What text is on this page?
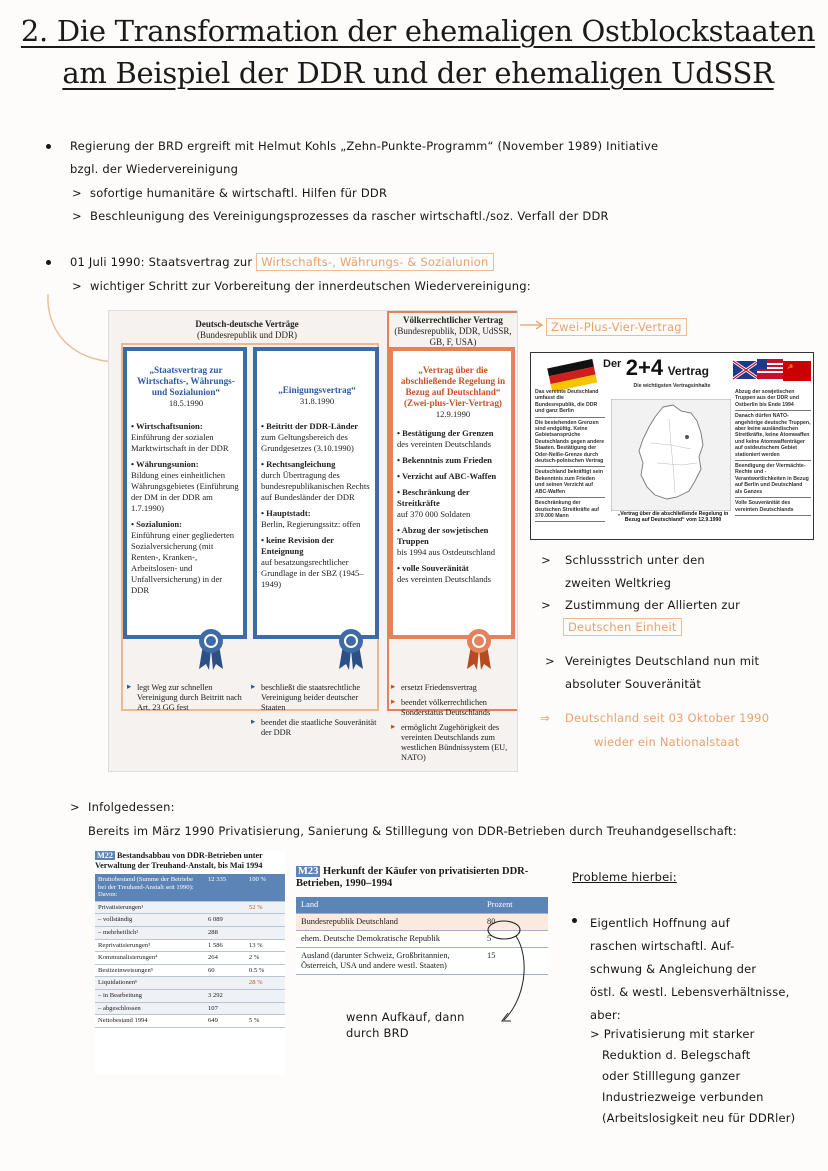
2. Die Transformation der ehemaligen Ostblockstaaten
am Beispiel der DDR und der ehemaligen UdSSR
Regierung der BRD ergreift mit Helmut Kohls „Zehn-Punkte-Programm“ (November 1989) Initiative
bzgl. der Wiedervereinigung
> sofortige humanitäre & wirtschaftl. Hilfen für DDR
> Beschleunigung des Vereinigungsprozesses da rascher wirtschaftl./soz. Verfall der DDR
01 Juli 1990: Staatsvertrag zur Wirtschafts-, Währungs- & Sozialunion
> wichtiger Schritt zur Vorbereitung der innerdeutschen Wiedervereinigung:
Deutsch-deutsche Verträge
(Bundesrepublik und DDR)
Völkerrechtlicher Vertrag
(Bundesrepublik, DDR, UdSSR, GB, F, USA)
„Staatsvertrag zur Wirtschafts-, Währungs- und Sozialunion“
18.5.1990
• Wirtschaftsunion:
Einführung der sozialen Marktwirtschaft in der DDR
• Währungsunion:
Bildung eines einheitlichen Währungsgebietes (Einführung der DM in der DDR am 1.7.1990)
• Sozialunion:
Einführung einer gegliederten Sozialversicherung (mit Renten-, Kranken-, Arbeitslosen- und Unfallversicherung) in der DDR
„Einigungsvertrag“
31.8.1990
• Beitritt der DDR-Länder
zum Geltungsbereich des Grundgesetzes (3.10.1990)
• Rechtsangleichung
durch Übertragung des bundesrepublikanischen Rechts auf Bundesländer der DDR
• Hauptstadt:
Berlin, Regierungssitz: offen
• keine Revision der Enteignung
auf besatzungsrechtlicher Grundlage in der SBZ (1945–1949)
„Vertrag über die abschließende Regelung in Bezug auf Deutschland“ (Zwei-plus-Vier-Vertrag)
12.9.1990
• Bestätigung der Grenzen
des vereinten Deutschlands
• Bekenntnis zum Frieden
• Verzicht auf ABC-Waffen
• Beschränkung der Streitkräfte
auf 370 000 Soldaten
• Abzug der sowjetischen Truppen
bis 1994 aus Ostdeutschland
• volle Souveränität
des vereinten Deutschlands
▸ legt Weg zur schnellen Vereinigung durch Beitritt nach Art. 23 GG fest
▸ beschließt die staatsrechtliche Vereinigung beider deutscher Staaten
▸ beendet die staatliche Souveränität der DDR
▸ ersetzt Friedensvertrag
▸ beendet völkerrechtlichen Sonderstatus Deutschlands
▸ ermöglicht Zugehörigkeit des vereinten Deutschlands zum westlichen Bündnissystem (EU, NATO)
Zwei-Plus-Vier-Vertrag
☭
$^{Der}$ 2+4 Vertrag
Die wichtigsten Vertragsinhalte
Das vereinte Deutschland umfasst die Bundesrepublik, die DDR und ganz Berlin
Die bestehenden Grenzen sind endgültig. Keine Gebietsansprüche Deutschlands gegen andere Staaten. Bestätigung der Oder-Neiße-Grenze durch deutsch-polnischen Vertrag
Deutschland bekräftigt sein Bekenntnis zum Frieden und seinen Verzicht auf ABC-Waffen
Beschränkung der deutschen Streitkräfte auf 370.000 Mann
Abzug der sowjetischen Truppen aus der DDR und Ostberlin bis Ende 1994
Danach dürfen NATO-angehörige deutsche Truppen, aber keine ausländischen Streitkräfte, keine Atomwaffen und keine Atomwaffenträger auf ostdeutschem Gebiet stationiert werden
Beendigung der Viermächte-Rechte und -Verantwortlichkeiten in Bezug auf Berlin und Deutschland als Ganzes
Volle Souveränität des vereinten Deutschlands
„Vertrag über die abschließende Regelung in Bezug auf Deutschland“ vom 12.9.1990
> Schlussstrich unter den
zweiten Weltkrieg
> Zustimmung der Allierten zur
Deutschen Einheit
> Vereinigtes Deutschland nun mit
absoluter Souveränität
⇒ Deutschland seit 03 Oktober 1990
wieder ein Nationalstaat
> Infolgedessen:
Bereits im März 1990 Privatisierung, Sanierung & Stilllegung von DDR-Betrieben durch Treuhandgesellschaft:
M22 Bestandsabbau von DDR-Betrieben unter Verwaltung der Treuhand-Anstalt, bis Mai 1994
Bruttobestand (Summe der Betriebe bei der Treuhand-Anstalt seit 1990): Davon:	12 335	100 %
Privatisierungen¹		52 %
– vollständig	6 089	
– mehrheitlich²	288	
Reprivatisierungen³	1 586	13 %
Kommunalisierungen⁴	264	2 %
Besitzeinweisungen⁵	60	0.5 %
Liquidationen⁶		28 %
– in Bearbeitung	3 292	
– abgeschlossen	107	
Nettobestand 1994	649	5 %
M23 Herkunft der Käufer von privatisierten DDR-Betrieben, 1990–1994
Land	Prozent
Bundesrepublik Deutschland	80
ehem. Deutsche Demokratische Republik	5
Ausland (darunter Schweiz, Großbritannien, Österreich, USA und andere westl. Staaten)	15
wenn Aufkauf, dann
durch BRD
Probleme hierbei:
Eigentlich Hoffnung auf
raschen wirtschaftl. Auf-
schwung & Angleichung der
östl. & westl. Lebensverhältnisse,
aber:
> Privatisierung mit starker
Reduktion d. Belegschaft
oder Stilllegung ganzer
Industriezweige verbunden
(Arbeitslosigkeit neu für DDRler)
